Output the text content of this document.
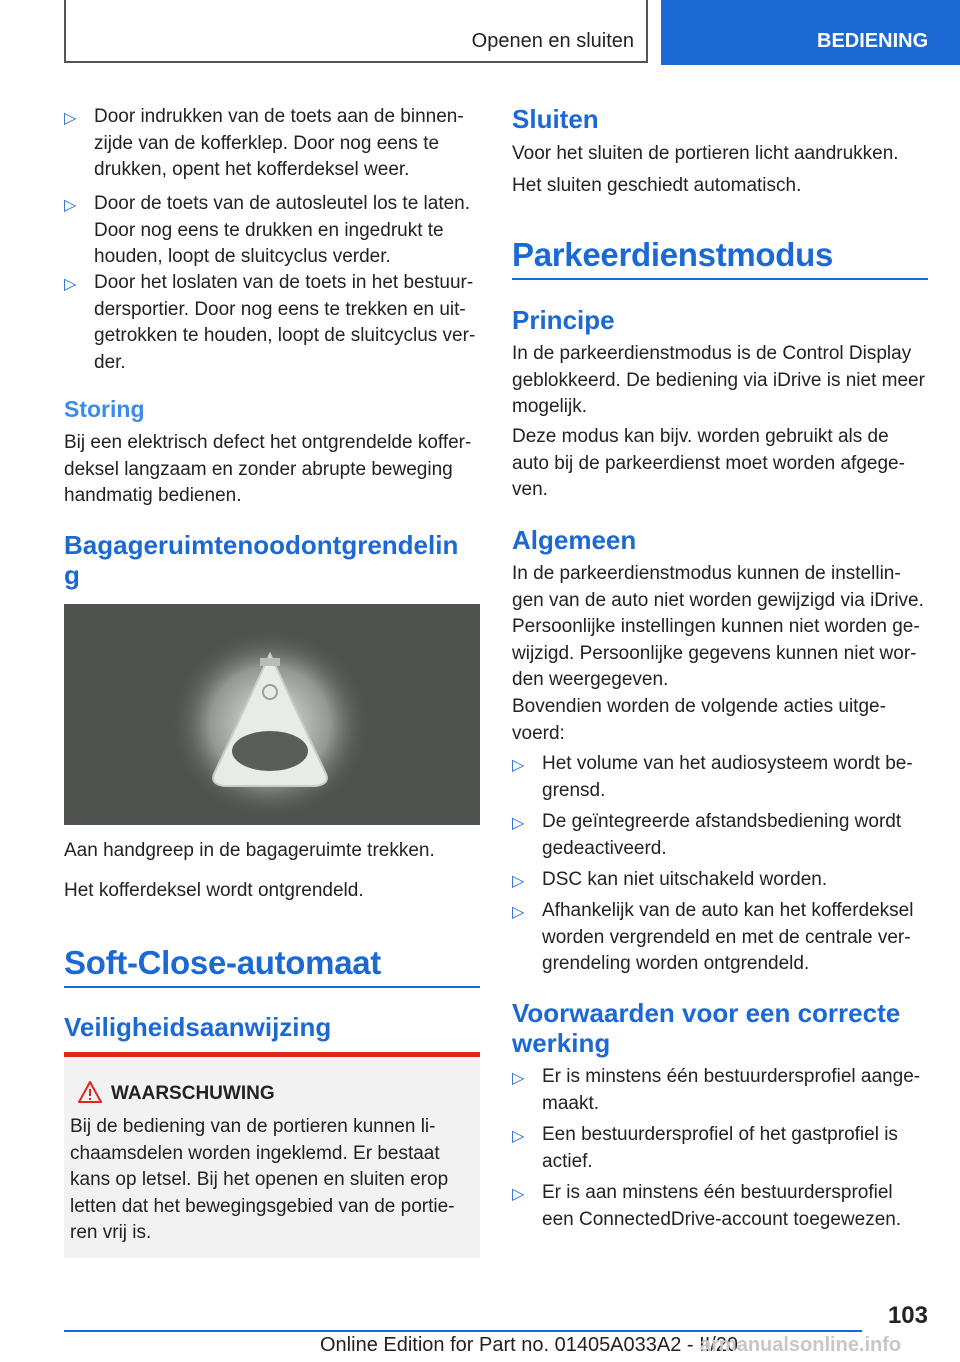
Openen en sluiten	BEDIENING
▷ Door indrukken van de toets aan de binnen-zijde van de kofferklep. Door nog eens te drukken, opent het kofferdeksel weer.
▷ Door de toets van de autosleutel los te laten. Door nog eens te drukken en ingedrukt te houden, loopt de sluitcyclus verder.
▷ Door het loslaten van de toets in het bestuur-dersportier. Door nog eens te trekken en uit-getrokken te houden, loopt de sluitcyclus ver-der.
Storing
Bij een elektrisch defect het ontgrendelde koffer-deksel langzaam en zonder abrupte beweging handmatig bedienen.
Bagageruimtenoodontgrendelin g
Aan handgreep in de bagageruimte trekken.
Het kofferdeksel wordt ontgrendeld.
Soft-Close-automaat
Veiligheidsaanwijzing
WAARSCHUWING
Bij de bediening van de portieren kunnen li-chaamsdelen worden ingeklemd. Er bestaat kans op letsel. Bij het openen en sluiten erop letten dat het bewegingsgebied van de portie-ren vrij is.
Sluiten
Voor het sluiten de portieren licht aandrukken.
Het sluiten geschiedt automatisch.
Parkeerdienstmodus
Principe
In de parkeerdienstmodus is de Control Display geblokkeerd. De bediening via iDrive is niet meer mogelijk.
Deze modus kan bijv. worden gebruikt als de auto bij de parkeerdienst moet worden afgege-ven.
Algemeen
In de parkeerdienstmodus kunnen de instellin-gen van de auto niet worden gewijzigd via iDrive. Persoonlijke instellingen kunnen niet worden ge-wijzigd. Persoonlijke gegevens kunnen niet wor-den weergegeven.
Bovendien worden de volgende acties uitge-voerd:
▷ Het volume van het audiosysteem wordt be-grensd.
▷ De geïntegreerde afstandsbediening wordt gedeactiveerd.
▷ DSC kan niet uitschakeld worden.
▷ Afhankelijk van de auto kan het kofferdeksel worden vergrendeld en met de centrale ver-grendeling worden ontgrendeld.
Voorwaarden voor een correcte werking
▷ Er is minstens één bestuurdersprofiel aange-maakt.
▷ Een bestuurdersprofiel of het gastprofiel is actief.
▷ Er is aan minstens één bestuurdersprofiel een ConnectedDrive-account toegewezen.
103
Online Edition for Part no. 01405A033A2 - II/20
armanualsonline.info
